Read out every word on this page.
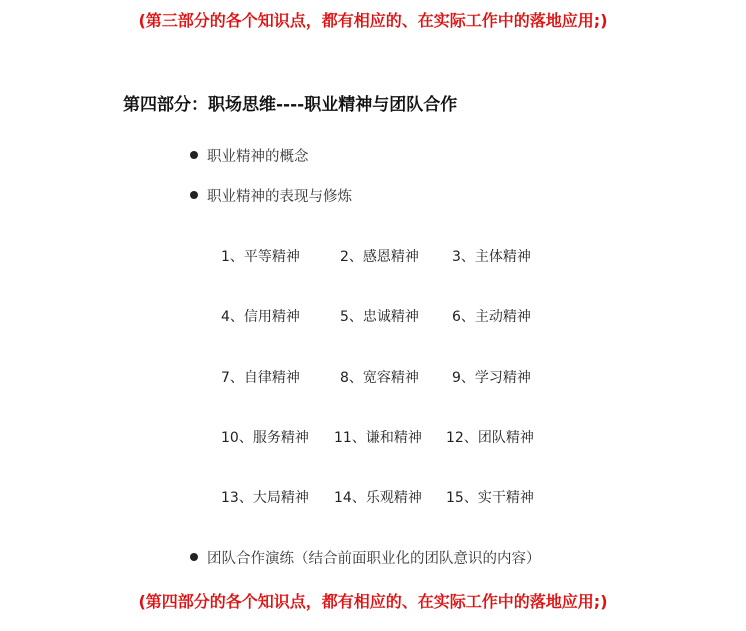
(第三部分的各个知识点，都有相应的、在实际工作中的落地应用;)
第四部分：职场思维----职业精神与团队合作
职业精神的概念
职业精神的表现与修炼
1、平等精神	2、感恩精神 3、主体精神
4、信用精神	5、忠诚精神 6、主动精神
7、自律精神	8、宽容精神 9、学习精神
10、服务精神 11、谦和精神 12、团队精神
13、大局精神 14、乐观精神 15、实干精神
团队合作演练（结合前面职业化的团队意识的内容）
(第四部分的各个知识点，都有相应的、在实际工作中的落地应用;)
